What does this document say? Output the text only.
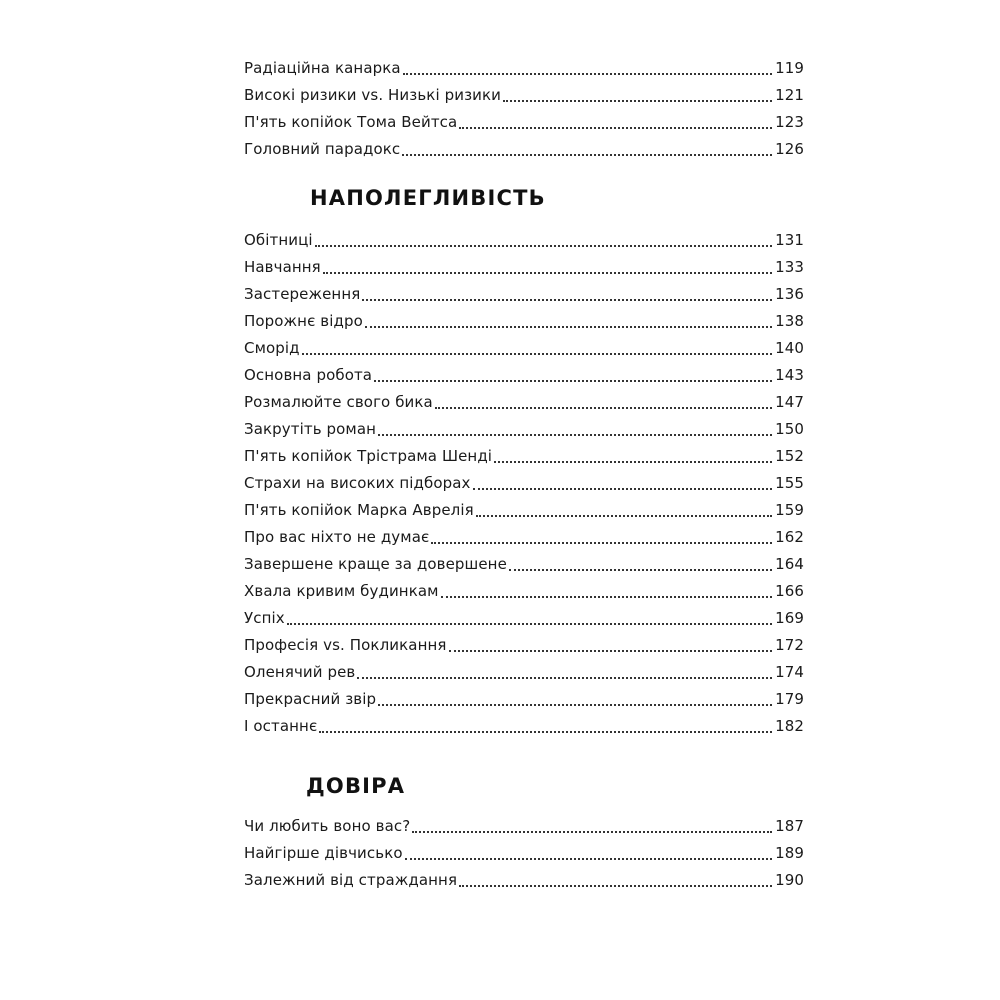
Радіаційна канарка	119
Високі ризики vs. Низькі ризики	121
П'ять копійок Тома Вейтса	123
Головний парадокс	126
НАПОЛЕГЛИВІСТЬ
Обітниці	131
Навчання	133
Застереження	136
Порожнє відро	138
Сморід	140
Основна робота	143
Розмалюйте свого бика	147
Закрутіть роман	150
П'ять копійок Трістрама Шенді	152
Страхи на високих підборах	155
П'ять копійок Марка Аврелія	159
Про вас ніхто не думає	162
Завершене краще за довершене	164
Хвала кривим будинкам	166
Успіх	169
Професія vs. Покликання	172
Оленячий рев	174
Прекрасний звір	179
І останнє	182
ДОВІРА
Чи любить воно вас?	187
Найгірше дівчисько	189
Залежний від страждання	190
